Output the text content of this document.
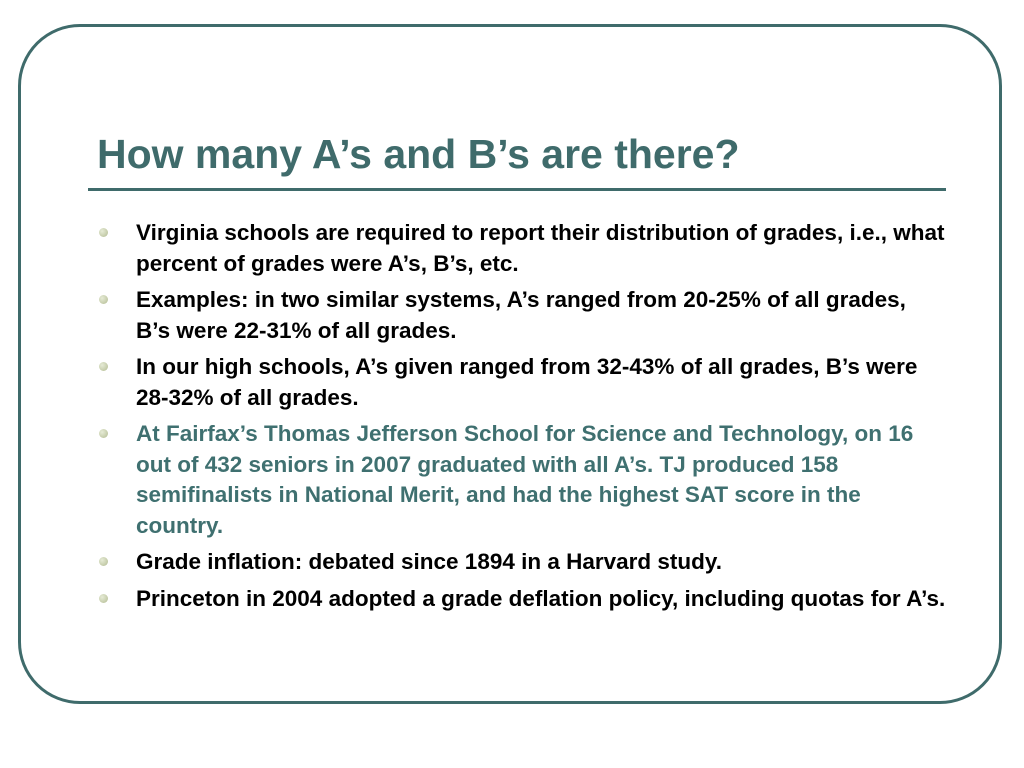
How many A’s and B’s are there?
Virginia schools are required to report their distribution of grades, i.e., what percent of grades were A’s, B’s, etc.
Examples: in two similar systems, A’s ranged from 20-25% of all grades, B’s were 22-31% of all grades.
In our high schools, A’s given ranged from 32-43% of all grades, B’s were 28-32% of all grades.
At Fairfax’s Thomas Jefferson School for Science and Technology, on 16 out of 432 seniors in 2007 graduated with all A’s. TJ produced 158 semifinalists in National Merit, and had the highest SAT score in the country.
Grade inflation: debated since 1894 in a Harvard study.
Princeton in 2004 adopted a grade deflation policy, including quotas for A’s.
